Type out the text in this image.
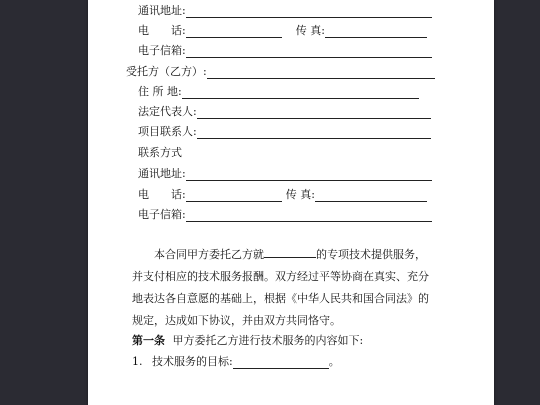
通讯地址:
电　　话:	传 真:
电子信箱:
受托方（乙方）:
住 所 地:
法定代表人:
项目联系人:
联系方式
通讯地址:
电　　话:	传 真:
电子信箱:

本合同甲方委托乙方就	的专项技术提供服务，并支付相应的技术服务报酬。双方经过平等协商在真实、充分地表达各自意愿的基础上，根据《中华人民共和国合同法》的规定，达成如下协议，并由双方共同恪守。

第一条 甲方委托乙方进行技术服务的内容如下:
1. 技术服务的目标:	。
